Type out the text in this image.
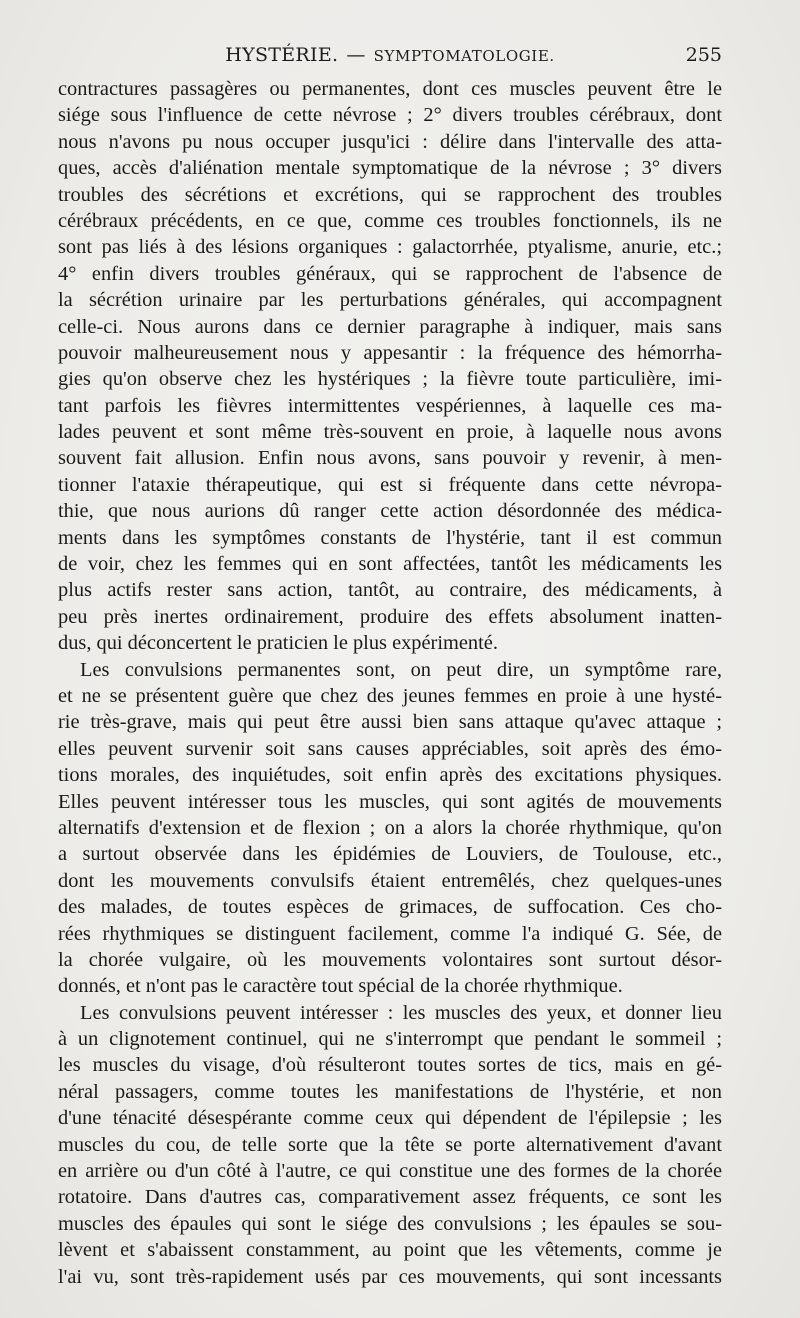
HYSTÉRIE. — SYMPTOMATOLOGIE.	255
contractures passagères ou permanentes, dont ces muscles peuvent être le
siége sous l'influence de cette névrose ; 2° divers troubles cérébraux, dont
nous n'avons pu nous occuper jusqu'ici : délire dans l'intervalle des atta-
ques, accès d'aliénation mentale symptomatique de la névrose ; 3° divers
troubles des sécrétions et excrétions, qui se rapprochent des troubles
cérébraux précédents, en ce que, comme ces troubles fonctionnels, ils ne
sont pas liés à des lésions organiques : galactorrhée, ptyalisme, anurie, etc.;
4° enfin divers troubles généraux, qui se rapprochent de l'absence de
la sécrétion urinaire par les perturbations générales, qui accompagnent
celle-ci. Nous aurons dans ce dernier paragraphe à indiquer, mais sans
pouvoir malheureusement nous y appesantir : la fréquence des hémorrha-
gies qu'on observe chez les hystériques ; la fièvre toute particulière, imi-
tant parfois les fièvres intermittentes vespériennes, à laquelle ces ma-
lades peuvent et sont même très-souvent en proie, à laquelle nous avons
souvent fait allusion. Enfin nous avons, sans pouvoir y revenir, à men-
tionner l'ataxie thérapeutique, qui est si fréquente dans cette névropa-
thie, que nous aurions dû ranger cette action désordonnée des médica-
ments dans les symptômes constants de l'hystérie, tant il est commun
de voir, chez les femmes qui en sont affectées, tantôt les médicaments les
plus actifs rester sans action, tantôt, au contraire, des médicaments, à
peu près inertes ordinairement, produire des effets absolument inatten-
dus, qui déconcertent le praticien le plus expérimenté.
Les convulsions permanentes sont, on peut dire, un symptôme rare,
et ne se présentent guère que chez des jeunes femmes en proie à une hysté-
rie très-grave, mais qui peut être aussi bien sans attaque qu'avec attaque ;
elles peuvent survenir soit sans causes appréciables, soit après des émo-
tions morales, des inquiétudes, soit enfin après des excitations physiques.
Elles peuvent intéresser tous les muscles, qui sont agités de mouvements
alternatifs d'extension et de flexion ; on a alors la chorée rhythmique, qu'on
a surtout observée dans les épidémies de Louviers, de Toulouse, etc.,
dont les mouvements convulsifs étaient entremêlés, chez quelques-unes
des malades, de toutes espèces de grimaces, de suffocation. Ces cho-
rées rhythmiques se distinguent facilement, comme l'a indiqué G. Sée, de
la chorée vulgaire, où les mouvements volontaires sont surtout désor-
donnés, et n'ont pas le caractère tout spécial de la chorée rhythmique.
Les convulsions peuvent intéresser : les muscles des yeux, et donner lieu
à un clignotement continuel, qui ne s'interrompt que pendant le sommeil ;
les muscles du visage, d'où résulteront toutes sortes de tics, mais en gé-
néral passagers, comme toutes les manifestations de l'hystérie, et non
d'une ténacité désespérante comme ceux qui dépendent de l'épilepsie ; les
muscles du cou, de telle sorte que la tête se porte alternativement d'avant
en arrière ou d'un côté à l'autre, ce qui constitue une des formes de la chorée
rotatoire. Dans d'autres cas, comparativement assez fréquents, ce sont les
muscles des épaules qui sont le siége des convulsions ; les épaules se sou-
lèvent et s'abaissent constamment, au point que les vêtements, comme je
l'ai vu, sont très-rapidement usés par ces mouvements, qui sont incessants
